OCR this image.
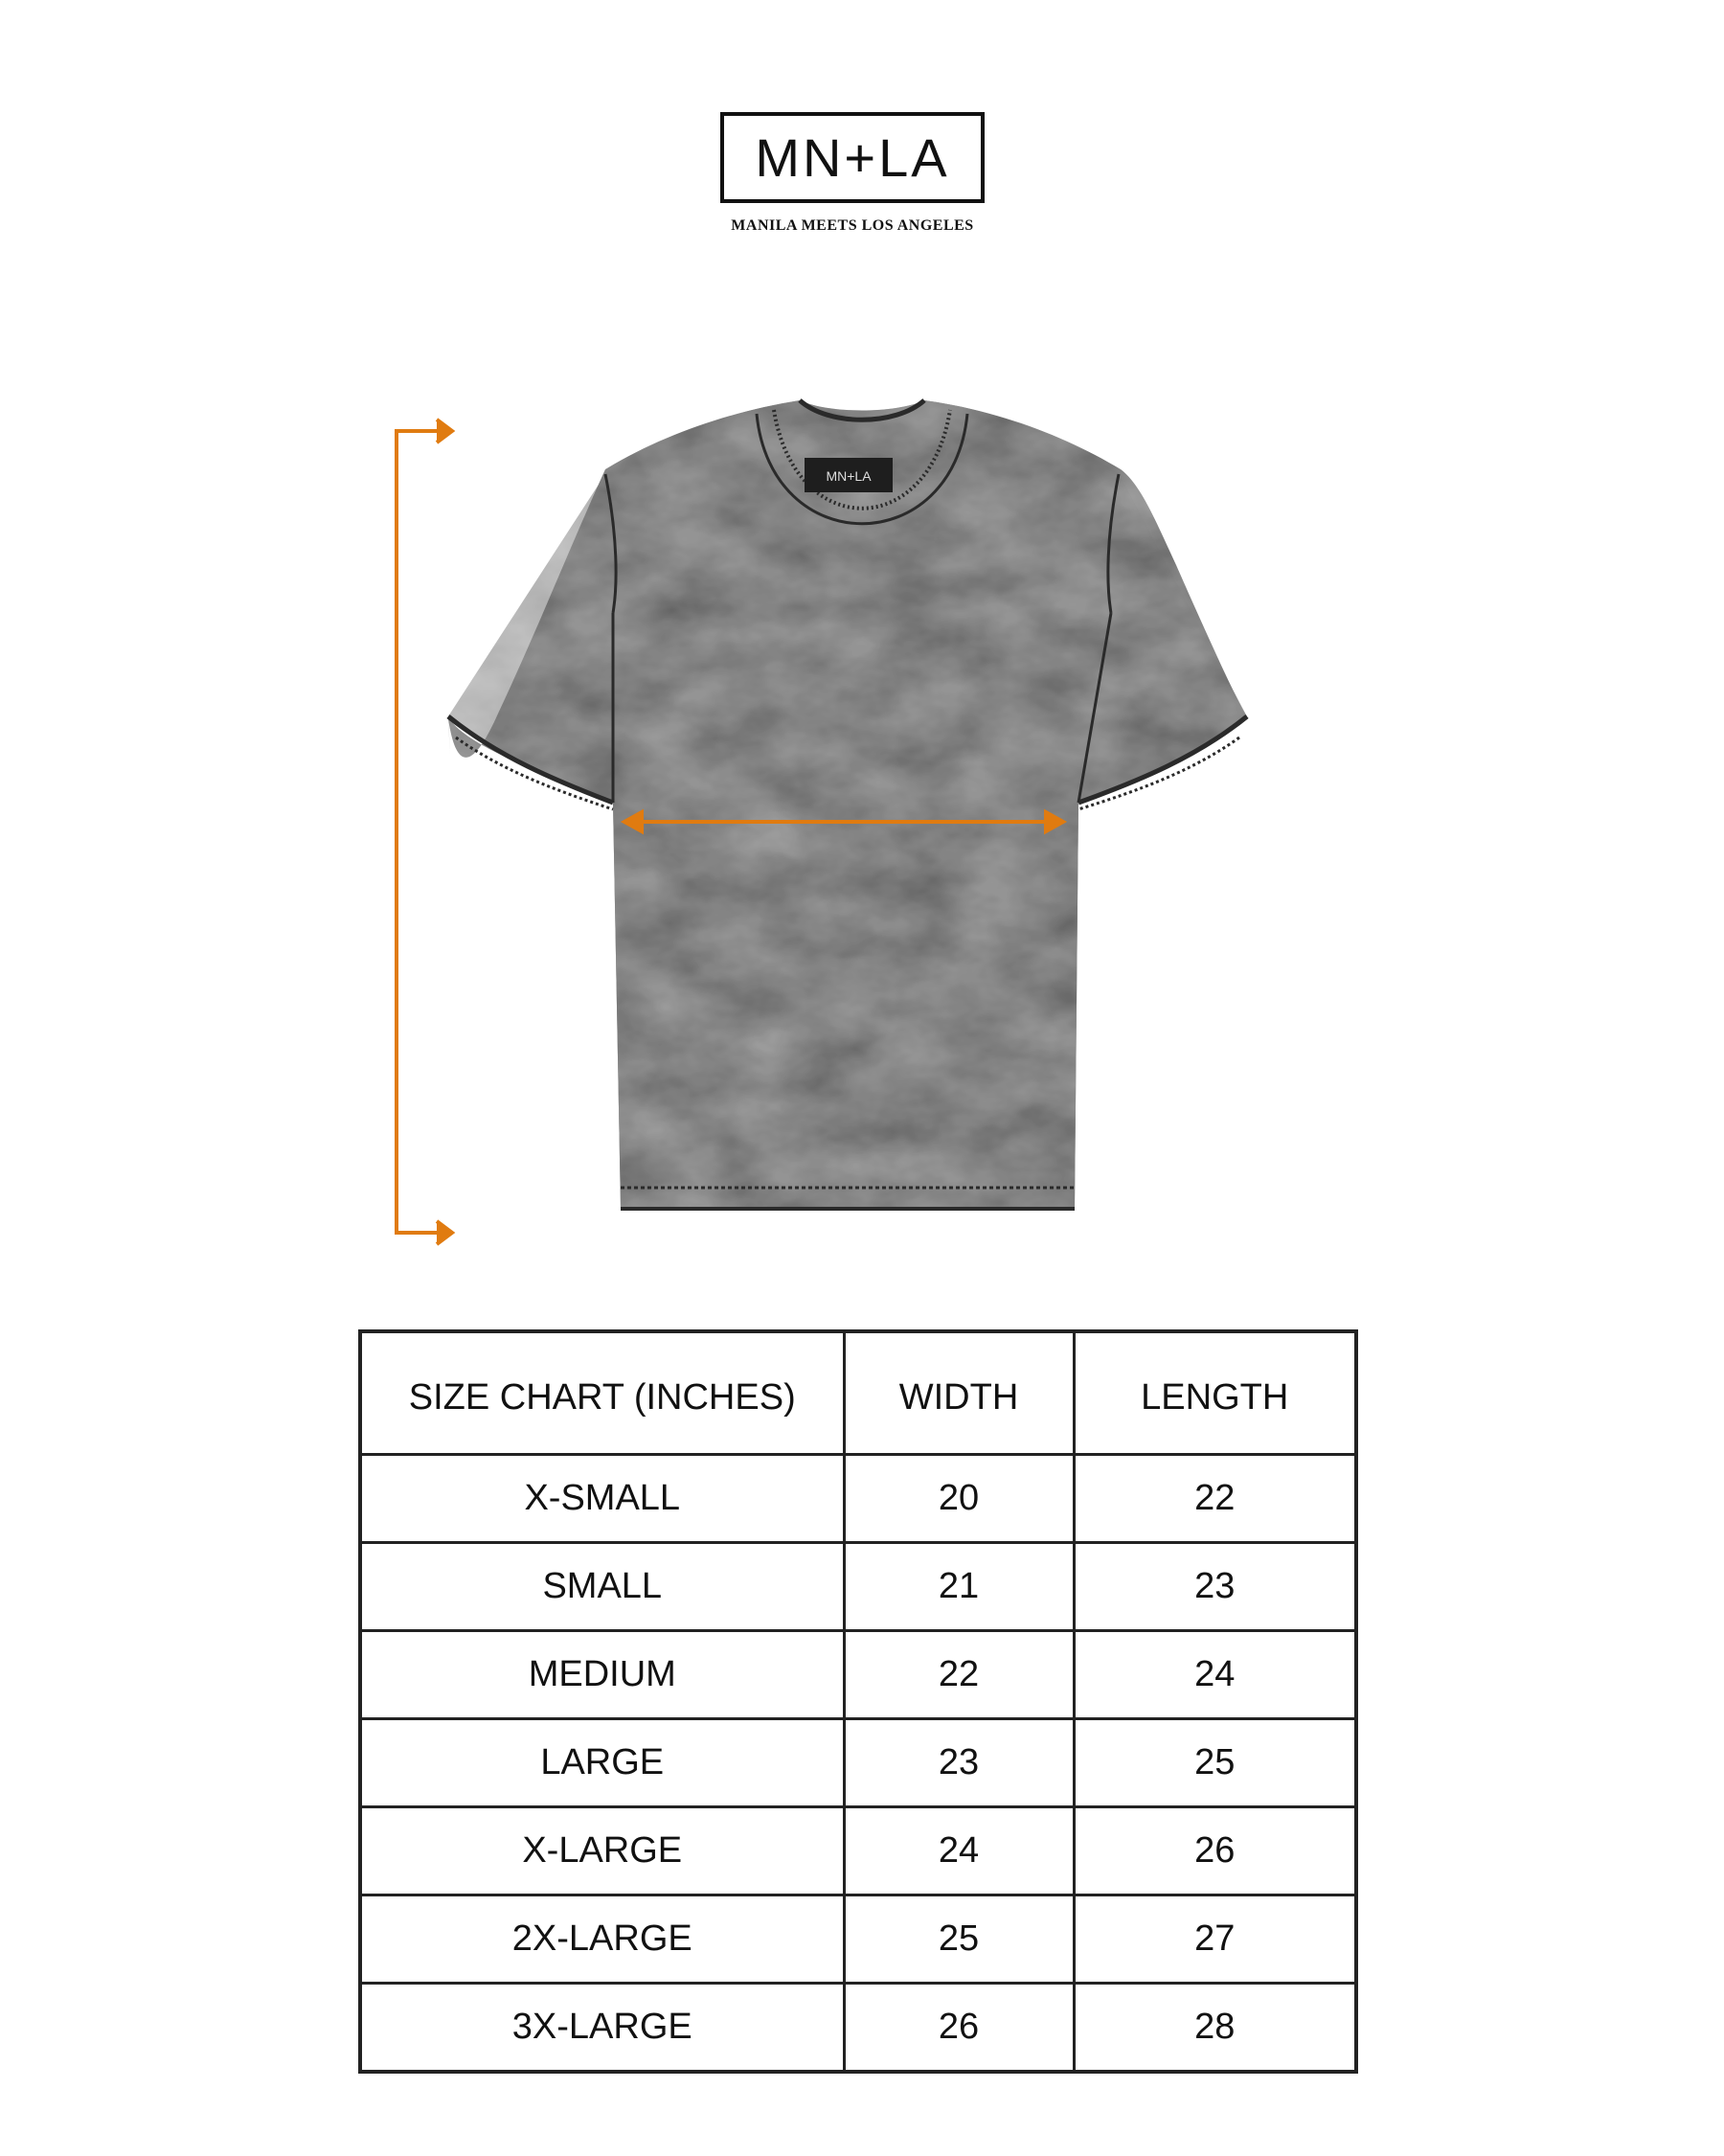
MN+LA
MANILA MEETS LOS ANGELES
MN+LA
SIZE CHART (INCHES)	WIDTH	LENGTH
X-SMALL	20	22
SMALL	21	23
MEDIUM	22	24
LARGE	23	25
X-LARGE	24	26
2X-LARGE	25	27
3X-LARGE	26	28
